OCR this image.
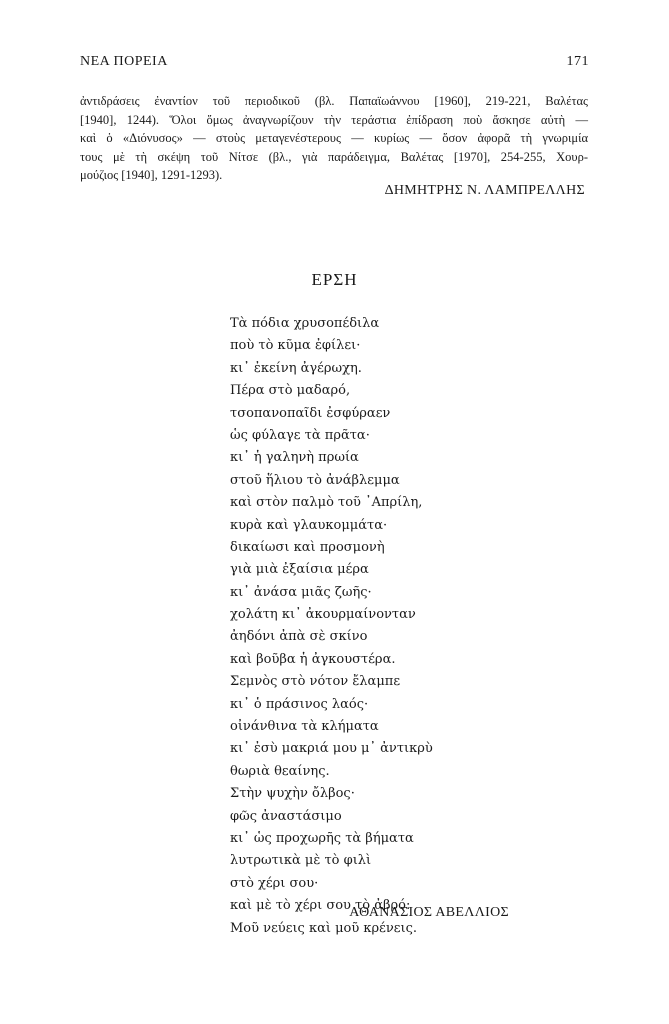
ΝΕΑ ΠΟΡΕΙΑ	171
ἀντιδράσεις ἐναντίον τοῦ περιοδικοῦ (βλ. Παπαϊωάννου [1960], 219-221, Βαλέτας
[1940], 1244). Ὅλοι ὅμως ἀναγνωρίζουν τὴν τεράστια ἐπίδραση ποὺ ἄσκησε αὐτὴ —
καὶ ὁ «Διόνυσος» — στοὺς μεταγενέστερους — κυρίως — ὅσον ἀφορᾶ τὴ γνωριμία
τους μὲ τὴ σκέψη τοῦ Νίτσε (βλ., γιὰ παράδειγμα, Βαλέτας [1970], 254-255, Χουρ-
μούζιος [1940], 1291-1293).
ΔΗΜΗΤΡΗΣ Ν. ΛΑΜΠΡΕΛΛΗΣ
ΕΡΣΗ
Τὰ πόδια χρυσοπέδιλα
ποὺ τὸ κῦμα ἐφίλει·
κι᾿ ἐκείνη ἀγέρωχη.
Πέρα στὸ μαδαρό,
τσοπανοπαῖδι ἐσφύραεν
ὡς φύλαγε τὰ πρᾶτα·
κι᾿ ἡ γαληνὴ πρωία
στοῦ ἥλιου τὸ ἀνάβλεμμα
καὶ στὸν παλμὸ τοῦ ᾿Απρίλη,
κυρὰ καὶ γλαυκομμάτα·
δικαίωσι καὶ προσμονὴ
γιὰ μιὰ ἐξαίσια μέρα
κι᾿ ἀνάσα μιᾶς ζωῆς·
χολάτη κι᾿ ἀκουρμαίνονταν
ἀηδόνι ἀπὰ σὲ σκίνο
καὶ βοῦβα ἡ ἀγκουστέρα.
Σεμνὸς στὸ νότον ἔλαμπε
κι᾿ ὁ πράσινος λαός·
οἰνάνθινα τὰ κλήματα
κι᾿ ἐσὺ μακριά μου μ᾿ ἀντικρὺ
θωριὰ θεαίνης.
Στὴν ψυχὴν ὄλβος·
φῶς ἀναστάσιμο
κι᾿ ὡς προχωρῆς τὰ βήματα
λυτρωτικὰ μὲ τὸ φιλὶ
στὸ χέρι σου·
καὶ μὲ τὸ χέρι σου τὸ ἀβρό:
Μοῦ νεύεις καὶ μοῦ κρένεις.
ΑΘΑΝΑΣΙΟΣ ΑΒΕΛΛΙΟΣ
